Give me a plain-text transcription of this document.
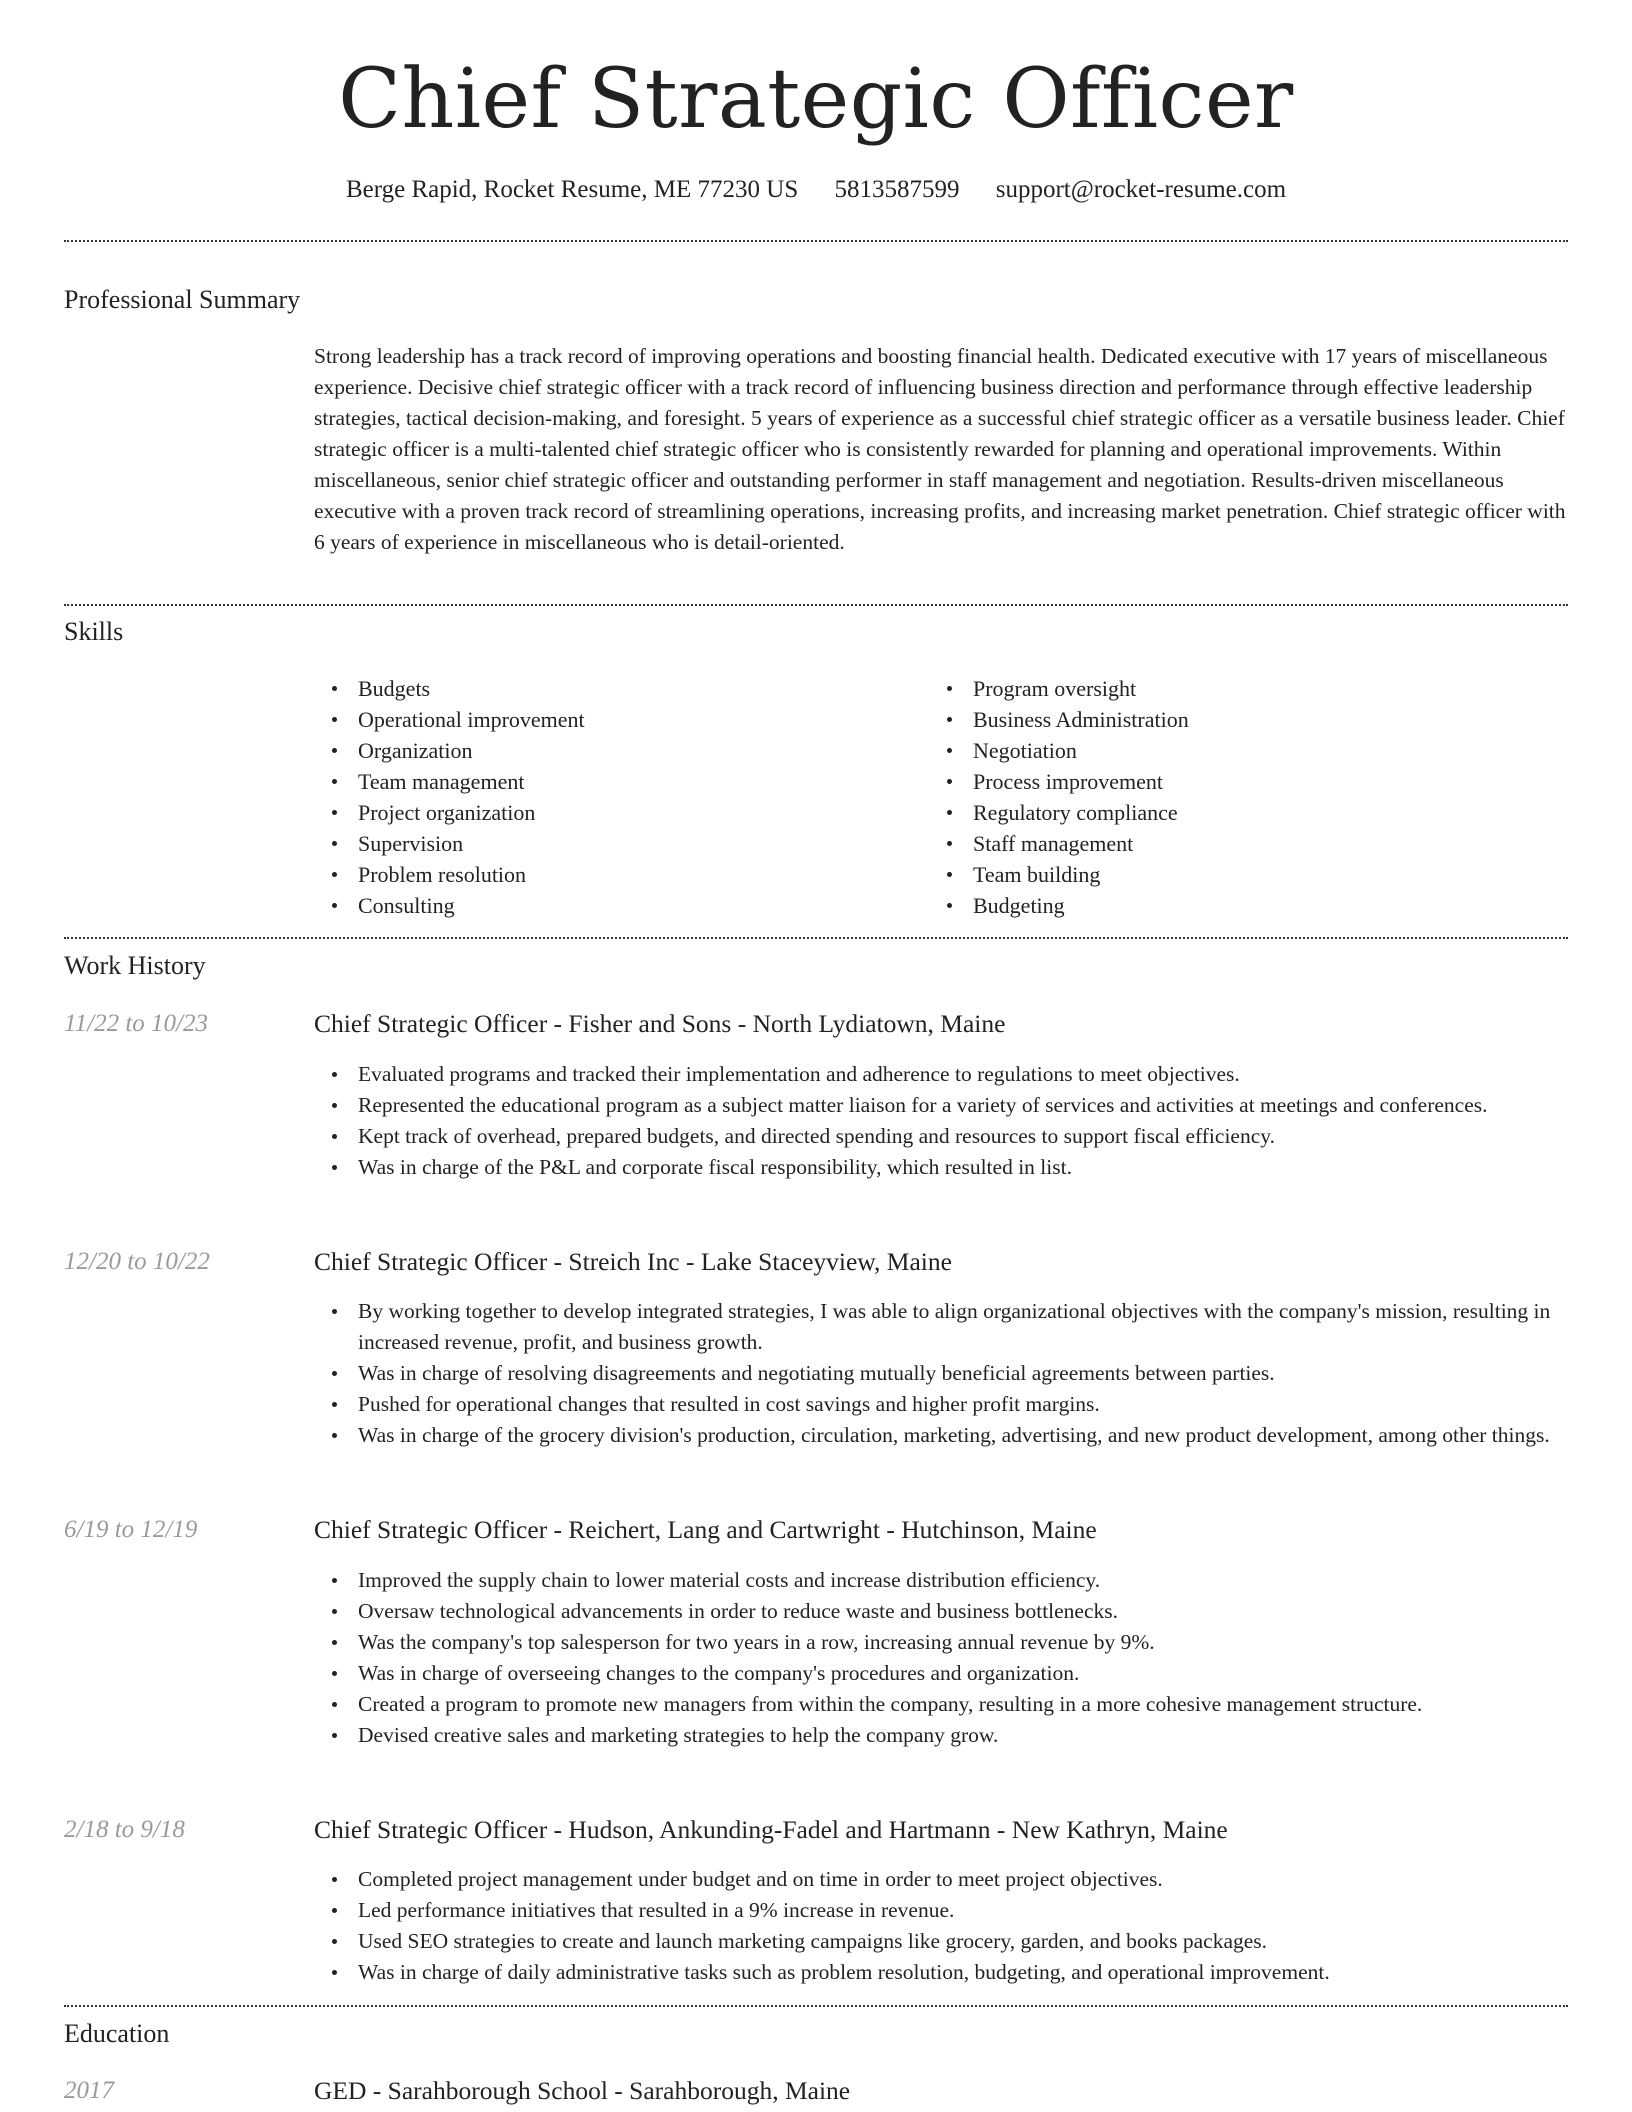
Chief Strategic Officer
Berge Rapid, Rocket Resume, ME 77230 US 5813587599 support@rocket-resume.com
Professional Summary

Strong leadership has a track record of improving operations and boosting financial health. Dedicated executive with 17 years of miscellaneous experience. Decisive chief strategic officer with a track record of influencing business direction and performance through effective leadership strategies, tactical decision-making, and foresight. 5 years of experience as a successful chief strategic officer as a versatile business leader. Chief strategic officer is a multi-talented chief strategic officer who is consistently rewarded for planning and operational improvements. Within miscellaneous, senior chief strategic officer and outstanding performer in staff management and negotiation. Results-driven miscellaneous executive with a proven track record of streamlining operations, increasing profits, and increasing market penetration. Chief strategic officer with 6 years of experience in miscellaneous who is detail-oriented.

Skills
Budgets
Operational improvement
Organization
Team management
Project organization
Supervision
Problem resolution
Consulting
Program oversight
Business Administration
Negotiation
Process improvement
Regulatory compliance
Staff management
Team building
Budgeting
Work History
11/22 to 10/23	Chief Strategic Officer - Fisher and Sons - North Lydiatown, Maine
Evaluated programs and tracked their implementation and adherence to regulations to meet objectives.
Represented the educational program as a subject matter liaison for a variety of services and activities at meetings and conferences.
Kept track of overhead, prepared budgets, and directed spending and resources to support fiscal efficiency.
Was in charge of the P&L and corporate fiscal responsibility, which resulted in list.
12/20 to 10/22	Chief Strategic Officer - Streich Inc - Lake Staceyview, Maine
By working together to develop integrated strategies, I was able to align organizational objectives with the company's mission, resulting in increased revenue, profit, and business growth.
Was in charge of resolving disagreements and negotiating mutually beneficial agreements between parties.
Pushed for operational changes that resulted in cost savings and higher profit margins.
Was in charge of the grocery division's production, circulation, marketing, advertising, and new product development, among other things.
6/19 to 12/19	Chief Strategic Officer - Reichert, Lang and Cartwright - Hutchinson, Maine
Improved the supply chain to lower material costs and increase distribution efficiency.
Oversaw technological advancements in order to reduce waste and business bottlenecks.
Was the company's top salesperson for two years in a row, increasing annual revenue by 9%.
Was in charge of overseeing changes to the company's procedures and organization.
Created a program to promote new managers from within the company, resulting in a more cohesive management structure.
Devised creative sales and marketing strategies to help the company grow.
2/18 to 9/18	Chief Strategic Officer - Hudson, Ankunding-Fadel and Hartmann - New Kathryn, Maine
Completed project management under budget and on time in order to meet project objectives.
Led performance initiatives that resulted in a 9% increase in revenue.
Used SEO strategies to create and launch marketing campaigns like grocery, garden, and books packages.
Was in charge of daily administrative tasks such as problem resolution, budgeting, and operational improvement.
Education
2017	GED - Sarahborough School - Sarahborough, Maine
